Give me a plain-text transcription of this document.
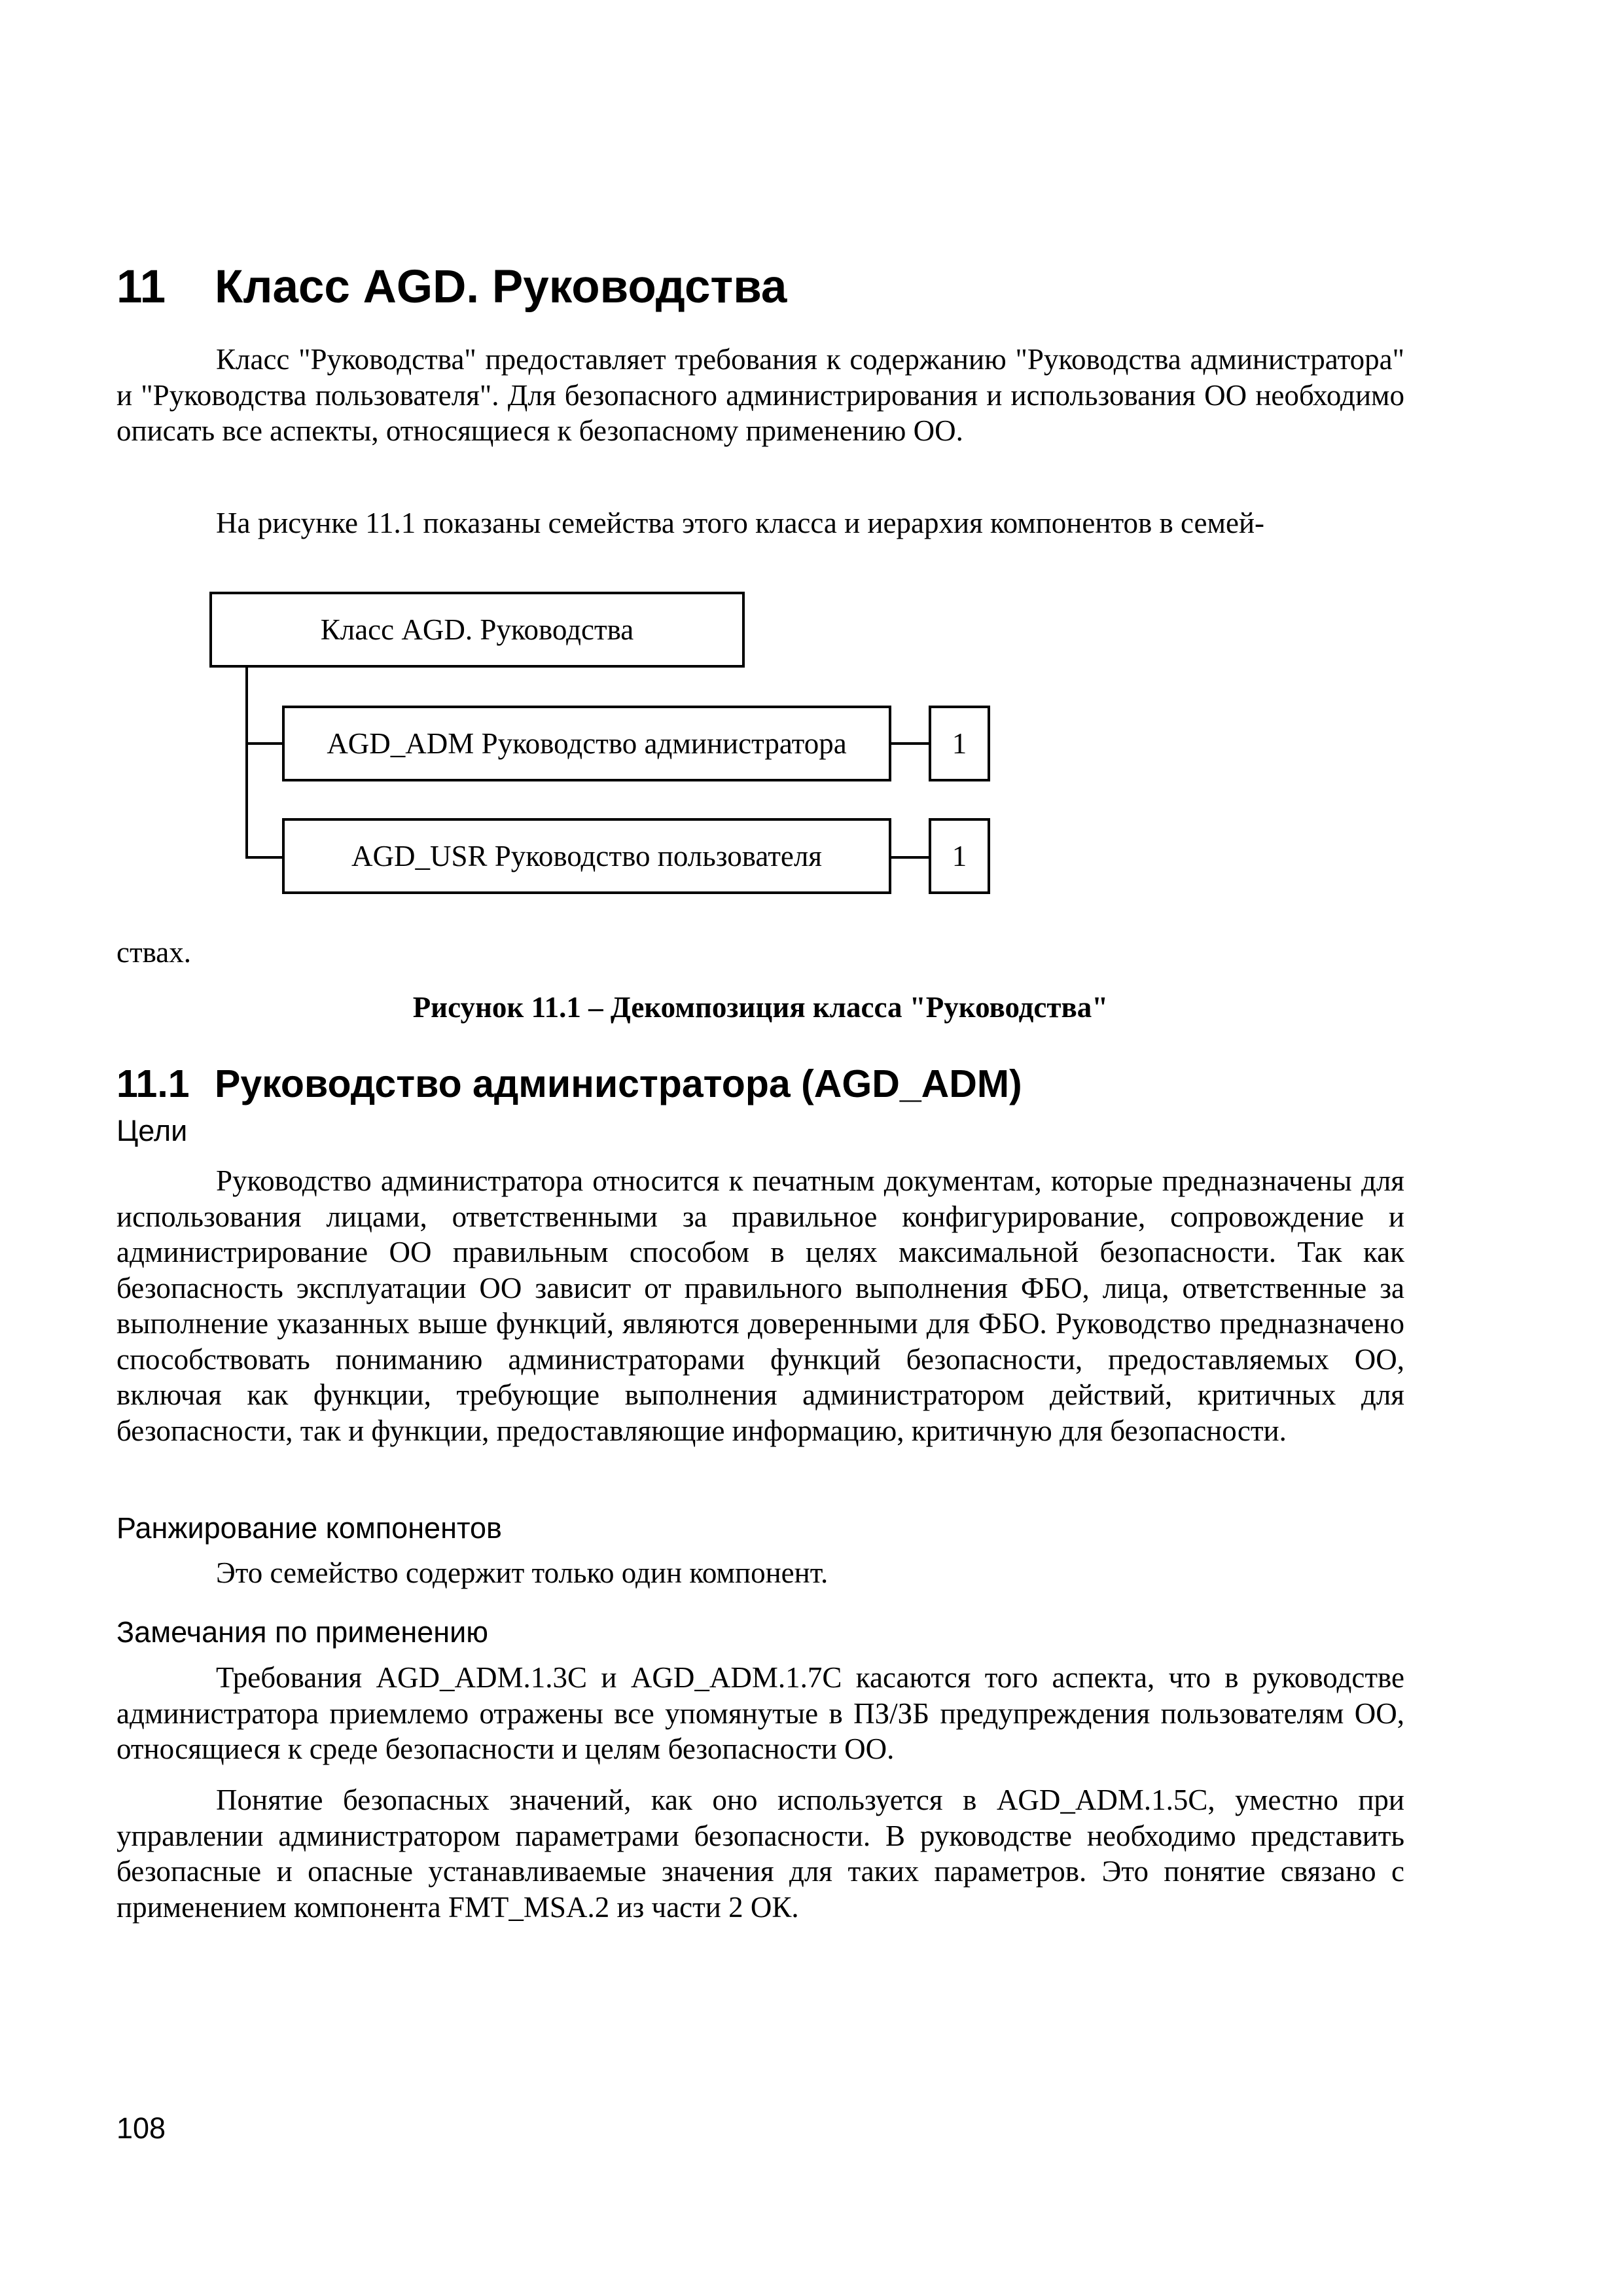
11 Класс AGD. Руководства
Класс "Руководства" предоставляет требования к содержанию "Руководства администратора" и "Руководства пользователя". Для безопасного администрирования и использования ОО необходимо описать все аспекты, относящиеся к безопасному применению ОО.
На рисунке 11.1 показаны семейства этого класса и иерархия компонентов в семей-
Класс AGD. Руководства
AGD_ADM Руководство администратора	1
AGD_USR Руководство пользователя	1
ствах.
Рисунок 11.1 – Декомпозиция класса "Руководства"
11.1 Руководство администратора (AGD_ADM)
Цели
Руководство администратора относится к печатным документам, которые предназначены для использования лицами, ответственными за правильное конфигурирование, сопровождение и администрирование ОО правильным способом в целях максимальной безопасности. Так как безопасность эксплуатации ОО зависит от правильного выполнения ФБО, лица, ответственные за выполнение указанных выше функций, являются доверенными для ФБО. Руководство предназначено способствовать пониманию администраторами функций безопасности, предоставляемых ОО, включая как функции, требующие выполнения администратором действий, критичных для безопасности, так и функции, предоставляющие информацию, критичную для безопасности.
Ранжирование компонентов
Это семейство содержит только один компонент.
Замечания по применению
Требования AGD_ADM.1.3C и AGD_ADM.1.7C касаются того аспекта, что в руководстве администратора приемлемо отражены все упомянутые в ПЗ/ЗБ предупреждения пользователям ОО, относящиеся к среде безопасности и целям безопасности ОО.
Понятие безопасных значений, как оно используется в AGD_ADM.1.5C, уместно при управлении администратором параметрами безопасности. В руководстве необходимо представить безопасные и опасные устанавливаемые значения для таких параметров. Это понятие связано с применением компонента FMT_MSA.2 из части 2 ОК.
108
